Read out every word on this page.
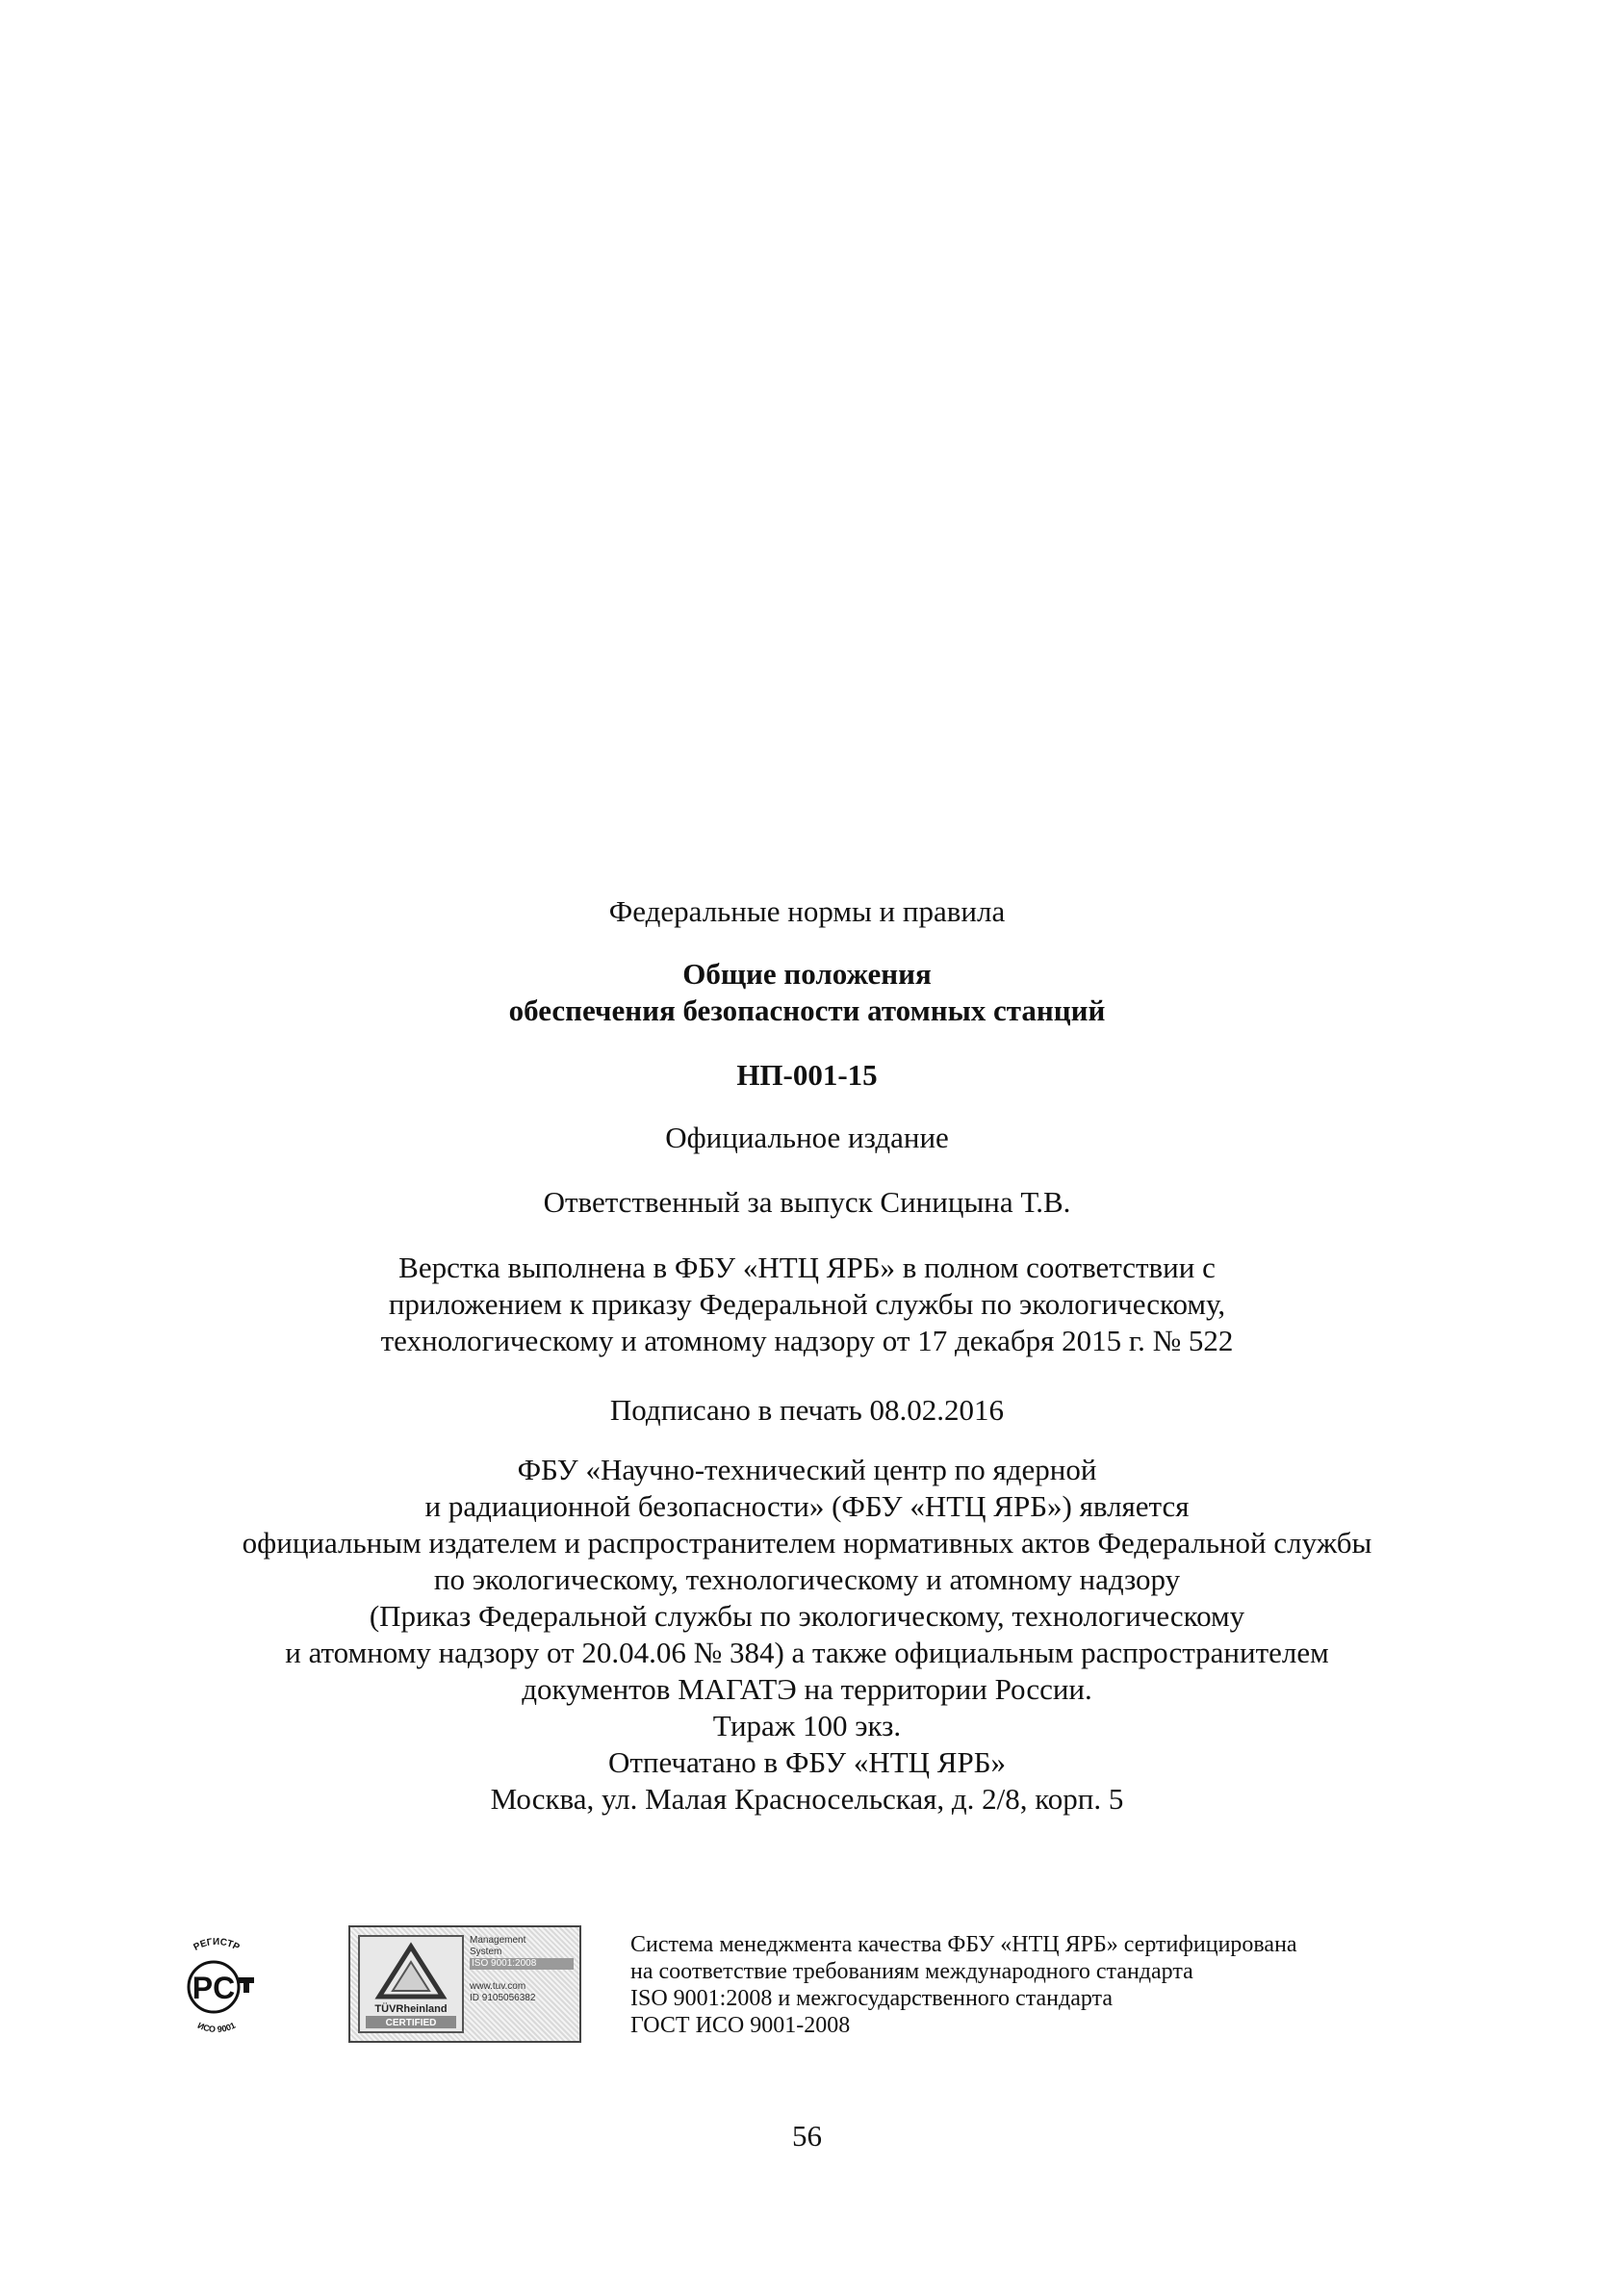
Федеральные нормы и правила
Общие положения
обеспечения безопасности атомных станций
НП-001-15
Официальное издание
Ответственный за выпуск Синицына Т.В.
Верстка выполнена в ФБУ «НТЦ ЯРБ» в полном соответствии с
приложением к приказу Федеральной службы по экологическому,
технологическому и атомному надзору от 17 декабря 2015 г. № 522
Подписано в печать 08.02.2016
ФБУ «Научно-технический центр по ядерной
и радиационной безопасности» (ФБУ «НТЦ ЯРБ») является
официальным издателем и распространителем нормативных актов Федеральной службы
по экологическому, технологическому и атомному надзору
(Приказ Федеральной службы по экологическому, технологическому
и атомному надзору от 20.04.06 № 384) а также официальным распространителем
документов МАГАТЭ на территории России.
Тираж 100 экз.
Отпечатано в ФБУ «НТЦ ЯРБ»
Москва, ул. Малая Красносельская, д. 2/8, корп. 5
РЕГИСТР
PC
ИСО 9001
TÜVRheinland
CERTIFIED
Management
System
ISO 9001:2008

www.tuv.com
ID 9105056382
Система менеджмента качества ФБУ «НТЦ ЯРБ» сертифицирована
на соответствие требованиям международного стандарта
ISO 9001:2008 и межгосударственного стандарта
ГОСТ ИСО 9001-2008
56
